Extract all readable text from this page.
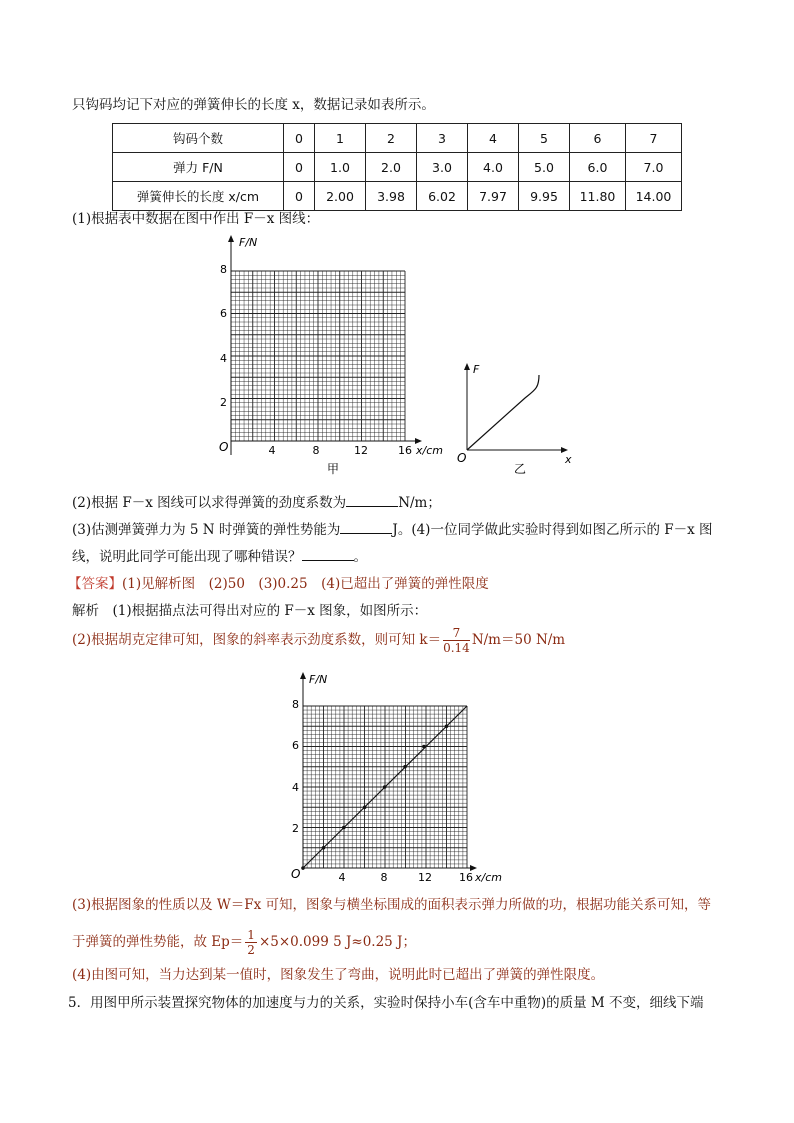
只钩码均记下对应的弹簧伸长的长度 x，数据记录如表所示。
钩码个数	0	1	2	3	4	5	6	7
弹力 F/N	0	1.0	2.0	3.0	4.0	5.0	6.0	7.0
弹簧伸长的长度 x/cm	0	2.00	3.98	6.02	7.97	9.95	11.80	14.00
(1)根据表中数据在图中作出 F－x 图线：
F/N
x/cm
O	4	8	12	16
2
4
6
8
甲
F
x
O
乙
(2)根据 F－x 图线可以求得弹簧的劲度系数为	N/m；
(3)估测弹簧弹力为 5 N 时弹簧的弹性势能为	J。(4)一位同学做此实验时得到如图乙所示的 F－x 图
线，说明此同学可能出现了哪种错误？	。
【答案】(1)见解析图　(2)50　(3)0.25　(4)已超出了弹簧的弹性限度
解析　 (1)根据描点法可得出对应的 F－x 图象，如图所示：
(2)根据胡克定律可知，图象的斜率表示劲度系数，则可知 $k= \frac{7}{0.14} N/m=50$ N/m
F/N
x/cm
O	4	8	12 16
2
4
6
8
(3)根据图象的性质以及 W＝Fx 可知，图象与横坐标围成的面积表示弹力所做的功，根据功能关系可知，等
于弹簧的弹性势能，故 $Ep= \frac{1}{2} \times 5\times 0.099$ 5 J≈0.25 J；
(4)由图可知，当力达到某一值时，图象发生了弯曲，说明此时已超出了弹簧的弹性限度。
5．用图甲所示装置探究物体的加速度与力的关系，实验时保持小车(含车中重物)的质量 M 不变，细线下端
